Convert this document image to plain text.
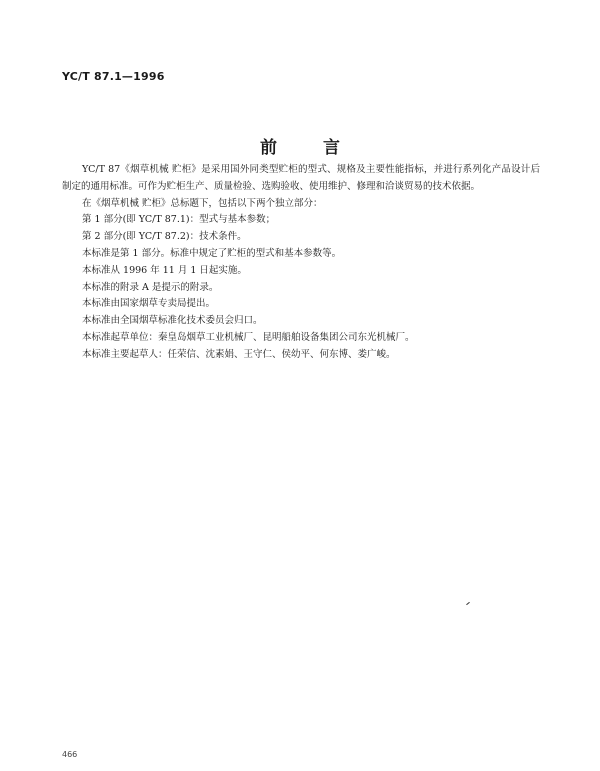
YC/T 87.1—1996
前 言

YC/T 87《烟草机械 贮柜》是采用国外同类型贮柜的型式、规格及主要性能指标，并进行系列化产品设计后制定的通用标准。可作为贮柜生产、质量检验、选购验收、使用维护、修理和洽谈贸易的技术依据。

在《烟草机械 贮柜》总标题下，包括以下两个独立部分：

第 1 部分(即 YC/T 87.1)：型式与基本参数；

第 2 部分(即 YC/T 87.2)：技术条件。

本标准是第 1 部分。标准中规定了贮柜的型式和基本参数等。

本标准从 1996 年 11 月 1 日起实施。

本标准的附录 A 是提示的附录。

本标准由国家烟草专卖局提出。

本标准由全国烟草标准化技术委员会归口。

本标准起草单位：秦皇岛烟草工业机械厂、昆明船舶设备集团公司东光机械厂。

本标准主要起草人：任荣信、沈素娟、王守仁、侯幼平、何东博、娄广峻。

466
